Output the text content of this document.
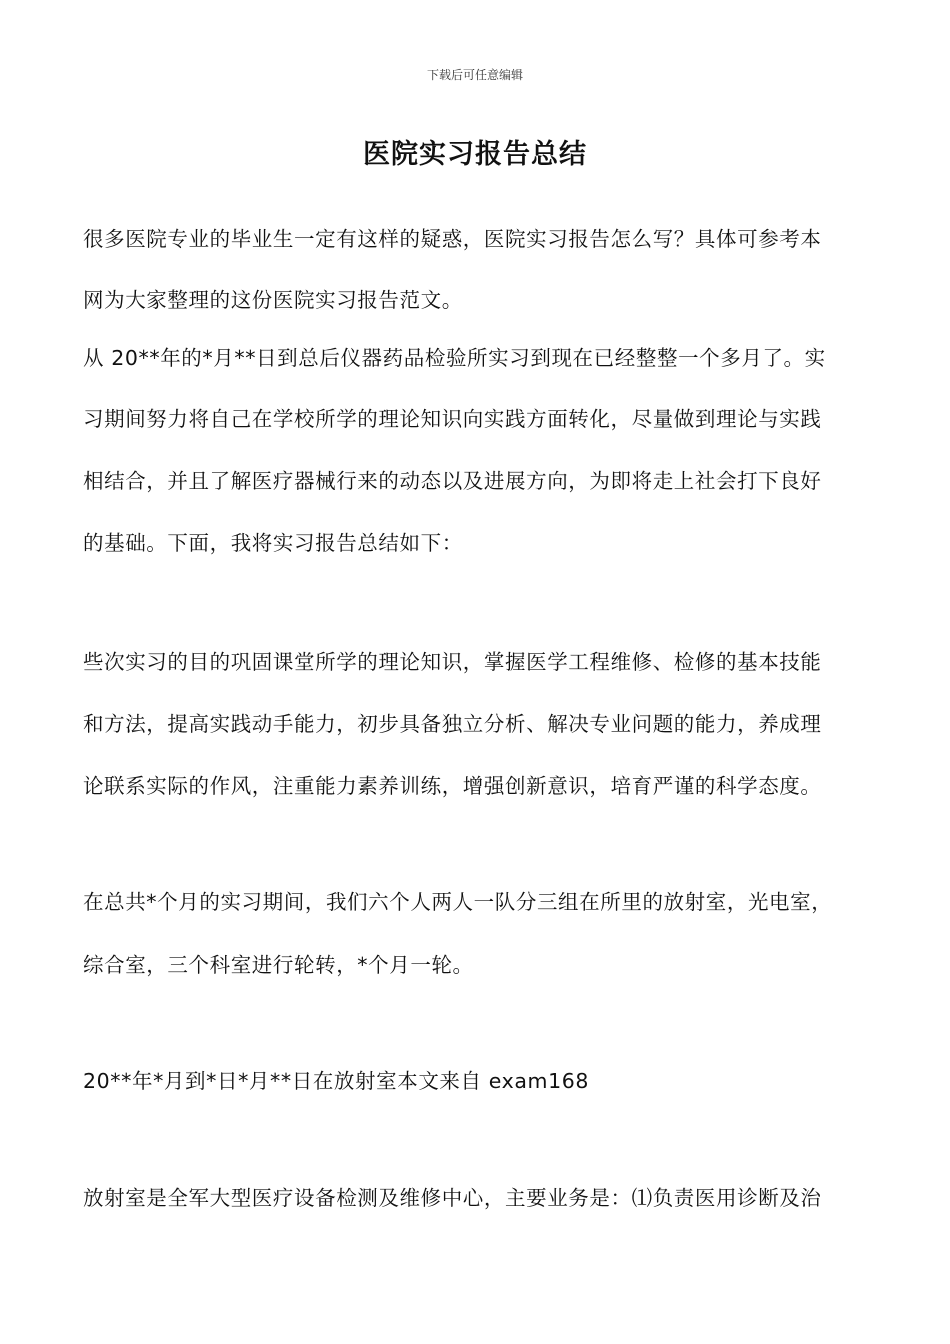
下载后可任意编辑
医院实习报告总结
很多医院专业的毕业生一定有这样的疑惑，医院实习报告怎么写？具体可参考本
网为大家整理的这份医院实习报告范文。
从 20**年的*月**日到总后仪器药品检验所实习到现在已经整整一个多月了。实
习期间努力将自己在学校所学的理论知识向实践方面转化，尽量做到理论与实践
相结合，并且了解医疗器械行来的动态以及进展方向，为即将走上社会打下良好
的基础。下面，我将实习报告总结如下：
些次实习的目的巩固课堂所学的理论知识，掌握医学工程维修、检修的基本技能
和方法，提高实践动手能力，初步具备独立分析、解决专业问题的能力，养成理
论联系实际的作风，注重能力素养训练，增强创新意识，培育严谨的科学态度。
在总共*个月的实习期间，我们六个人两人一队分三组在所里的放射室，光电室，
综合室，三个科室进行轮转，*个月一轮。
20**年*月到*日*月**日在放射室本文来自 exam168
放射室是全军大型医疗设备检测及维修中心，主要业务是：⑴负责医用诊断及治
